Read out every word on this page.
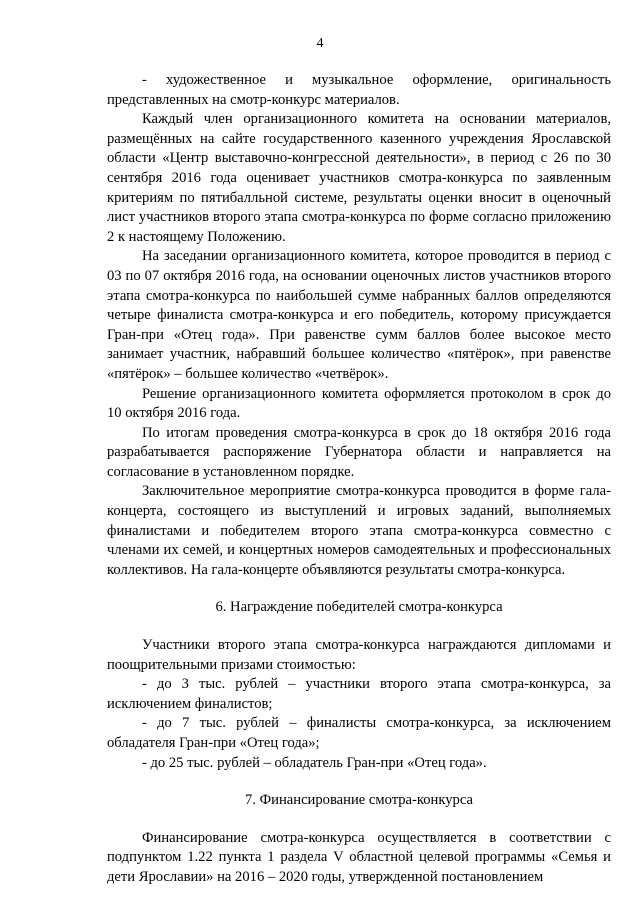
4

- художественное и музыкальное оформление, оригинальность представленных на смотр-конкурс материалов.

Каждый член организационного комитета на основании материалов, размещённых на сайте государственного казенного учреждения Ярославской области «Центр выставочно-конгрессной деятельности», в период с 26 по 30 сентября 2016 года оценивает участников смотра-конкурса по заявленным критериям по пятибалльной системе, результаты оценки вносит в оценочный лист участников второго этапа смотра-конкурса по форме согласно приложению 2 к настоящему Положению.

На заседании организационного комитета, которое проводится в период с 03 по 07 октября 2016 года, на основании оценочных листов участников второго этапа смотра-конкурса по наибольшей сумме набранных баллов определяются четыре финалиста смотра-конкурса и его победитель, которому присуждается Гран-при «Отец года». При равенстве сумм баллов более высокое место занимает участник, набравший большее количество «пятёрок», при равенстве «пятёрок» – большее количество «четвёрок».

Решение организационного комитета оформляется протоколом в срок до 10 октября 2016 года.

По итогам проведения смотра-конкурса в срок до 18 октября 2016 года разрабатывается распоряжение Губернатора области и направляется на согласование в установленном порядке.

Заключительное мероприятие смотра-конкурса проводится в форме гала-концерта, состоящего из выступлений и игровых заданий, выполняемых финалистами и победителем второго этапа смотра-конкурса совместно с членами их семей, и концертных номеров самодеятельных и профессиональных коллективов. На гала-концерте объявляются результаты смотра-конкурса.

6. Награждение победителей смотра-конкурса

Участники второго этапа смотра-конкурса награждаются дипломами и поощрительными призами стоимостью:

- до 3 тыс. рублей – участники второго этапа смотра-конкурса, за исключением финалистов;

- до 7 тыс. рублей – финалисты смотра-конкурса, за исключением обладателя Гран-при «Отец года»;

- до 25 тыс. рублей – обладатель Гран-при «Отец года».

7. Финансирование смотра-конкурса

Финансирование смотра-конкурса осуществляется в соответствии с подпунктом 1.22 пункта 1 раздела V областной целевой программы «Семья и дети Ярославии» на 2016 – 2020 годы, утвержденной постановлением
